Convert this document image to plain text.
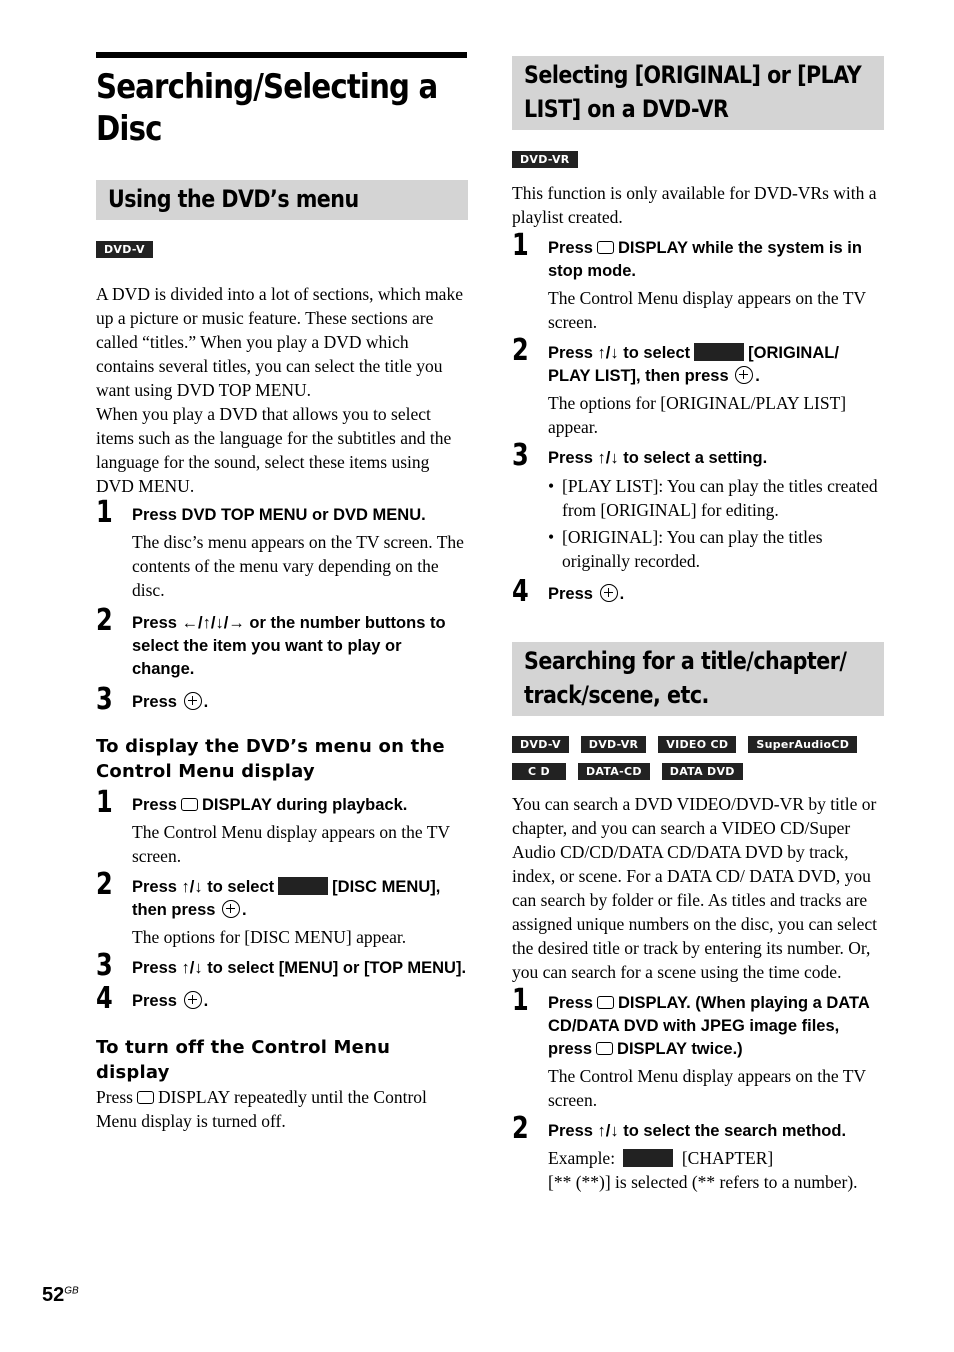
Searching/Selecting a Disc
Using the DVD’s menu
DVD-V
A DVD is divided into a lot of sections, which make up a picture or music feature. These sections are called “titles.” When you play a DVD which contains several titles, you can select the title you want using DVD TOP MENU.
When you play a DVD that allows you to select items such as the language for the subtitles and the language for the sound, select these items using DVD MENU.
1 Press DVD TOP MENU or DVD MENU.
The disc’s menu appears on the TV screen. The contents of the menu vary depending on the disc.
2 Press ←/↑/↓/→ or the number buttons to select the item you want to play or change.
3 Press .
To display the DVD’s menu on the Control Menu display
1 Press DISPLAY during playback.
The Control Menu display appears on the TV screen.
2 Press ↑/↓ to select	[DISC MENU], then press .
The options for [DISC MENU] appear.
3 Press ↑/↓ to select [MENU] or [TOP MENU].
4 Press .
To turn off the Control Menu display
Press DISPLAY repeatedly until the Control Menu display is turned off.
Selecting [ORIGINAL] or [PLAY LIST] on a DVD-VR
DVD-VR
This function is only available for DVD-VRs with a playlist created.
1 Press DISPLAY while the system is in stop mode.
The Control Menu display appears on the TV screen.
2 Press ↑/↓ to select	[ORIGINAL/ PLAY LIST], then press .
The options for [ORIGINAL/PLAY LIST] appear.
3 Press ↑/↓ to select a setting.
• [PLAY LIST]: You can play the titles created from [ORIGINAL] for editing.
• [ORIGINAL]: You can play the titles originally recorded.
4 Press .
Searching for a title/chapter/ track/scene, etc.
DVD-V	DVD-VR	VIDEO CD	SuperAudioCD
C D	DATA-CD	DATA DVD
You can search a DVD VIDEO/DVD-VR by title or chapter, and you can search a VIDEO CD/Super Audio CD/CD/DATA CD/DATA DVD by track, index, or scene. For a DATA CD/ DATA DVD, you can search by folder or file. As titles and tracks are assigned unique numbers on the disc, you can select the desired title or track by entering its number. Or, you can search for a scene using the time code.
1 Press DISPLAY. (When playing a DATA CD/DATA DVD with JPEG image files, press DISPLAY twice.)
The Control Menu display appears on the TV screen.
2 Press ↑/↓ to select the search method.
Example:	[CHAPTER]
[** (**)] is selected (** refers to a number).
$52^{GB}$
